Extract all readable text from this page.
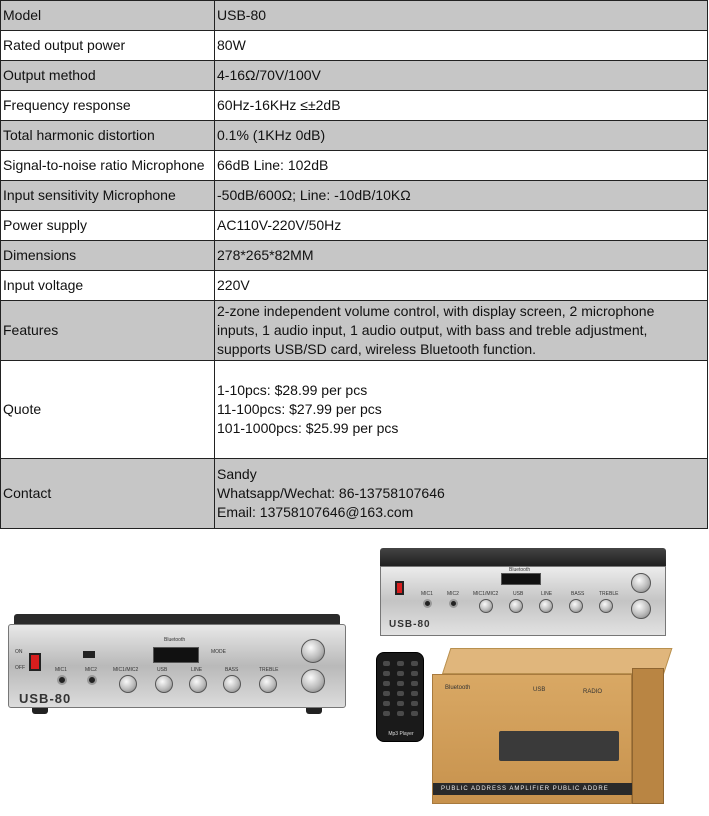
Model	USB-80

Rated output power	80W

Output method	4-16Ω/70V/100V

Frequency response	60Hz-16KHz ≤±2dB

Total harmonic distortion	0.1% (1KHz 0dB)

Signal-to-noise ratio Microphone	66dB Line: 102dB

Input sensitivity Microphone	-50dB/600Ω; Line: -10dB/10KΩ

Power supply	AC110V-220V/50Hz

Dimensions	278*265*82MM

Input voltage	220V

Features	2-zone independent volume control, with display screen, 2 microphone
inputs, 1 audio input, 1 audio output, with bass and treble adjustment,
supports USB/SD card, wireless Bluetooth function.

Quote	1-10pcs: $28.99 per pcs
11-100pcs: $27.99 per pcs
101-1000pcs: $25.99 per pcs

Contact	Sandy
Whatsapp/Wechat: 86-13758107646
Email: 13758107646@163.com
ON
OFF
Bluetooth
MODE
MIC1	MIC2	MIC1/MIC2	USB	LINE	BASS	TREBLE
USB-80
Bluetooth
MIC1	MIC2	MIC1/MIC2	USB	LINE	BASS	TREBLE
USB-80
Mp3 Player
Bluetooth	USB	RADIO
PUBLIC ADDRESS AMPLIFIER PUBLIC ADDRE
